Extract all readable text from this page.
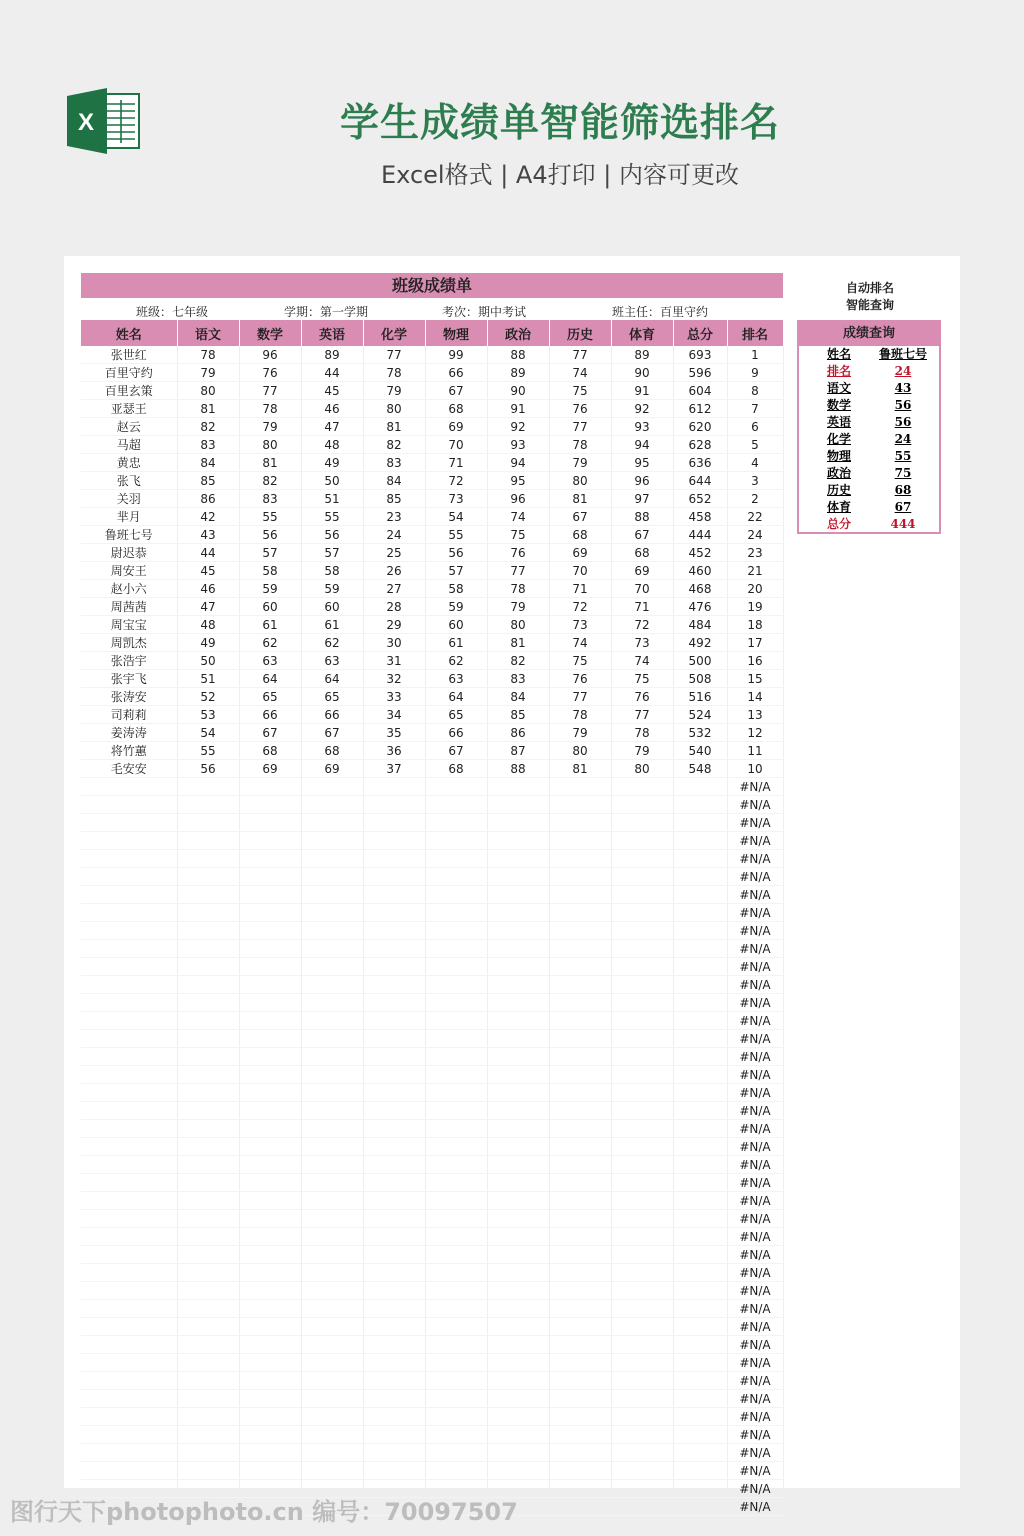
X	学生成绩单智能筛选排名
Excel格式 | A4打印 | 内容可更改
班级成绩单
班级：七年级	学期：第一学期	考次：期中考试	班主任：百里守约
姓名	语文	数学	英语	化学	物理	政治	历史	体育	总分	排名
张世红	78	96	89	77	99	88	77	89	693	1
百里守约	79	76	44	78	66	89	74	90	596	9
百里玄策	80	77	45	79	67	90	75	91	604	8
亚瑟王	81	78	46	80	68	91	76	92	612	7
赵云	82	79	47	81	69	92	77	93	620	6
马超	83	80	48	82	70	93	78	94	628	5
黄忠	84	81	49	83	71	94	79	95	636	4
张飞	85	82	50	84	72	95	80	96	644	3
关羽	86	83	51	85	73	96	81	97	652	2
芈月	42	55	55	23	54	74	67	88	458	22
鲁班七号	43	56	56	24	55	75	68	67	444	24
尉迟恭	44	57	57	25	56	76	69	68	452	23
周安王	45	58	58	26	57	77	70	69	460	21
赵小六	46	59	59	27	58	78	71	70	468	20
周茜茜	47	60	60	28	59	79	72	71	476	19
周宝宝	48	61	61	29	60	80	73	72	484	18
周凯杰	49	62	62	30	61	81	74	73	492	17
张浩宇	50	63	63	31	62	82	75	74	500	16
张宇飞	51	64	64	32	63	83	76	75	508	15
张涛安	52	65	65	33	64	84	77	76	516	14
司莉莉	53	66	66	34	65	85	78	77	524	13
姜涛涛	54	67	67	35	66	86	79	78	532	12
将竹蕙	55	68	68	36	67	87	80	79	540	11
毛安安	56	69	69	37	68	88	81	80	548	10
										#N/A
										#N/A
										#N/A
										#N/A
										#N/A
										#N/A
										#N/A
										#N/A
										#N/A
										#N/A
										#N/A
										#N/A
										#N/A
										#N/A
										#N/A
										#N/A
										#N/A
										#N/A
										#N/A
										#N/A
										#N/A
										#N/A
										#N/A
										#N/A
										#N/A
										#N/A
										#N/A
										#N/A
										#N/A
										#N/A
										#N/A
										#N/A
										#N/A
										#N/A
										#N/A
										#N/A
										#N/A
										#N/A
										#N/A
										#N/A
										#N/A
自动排名
智能查询
成绩查询
姓名	鲁班七号
排名	24
语文	43
数学	56
英语	56
化学	24
物理	55
政治	75
历史	68
体育	67
总分	444
图行天下photophoto.cn 编号：70097507
